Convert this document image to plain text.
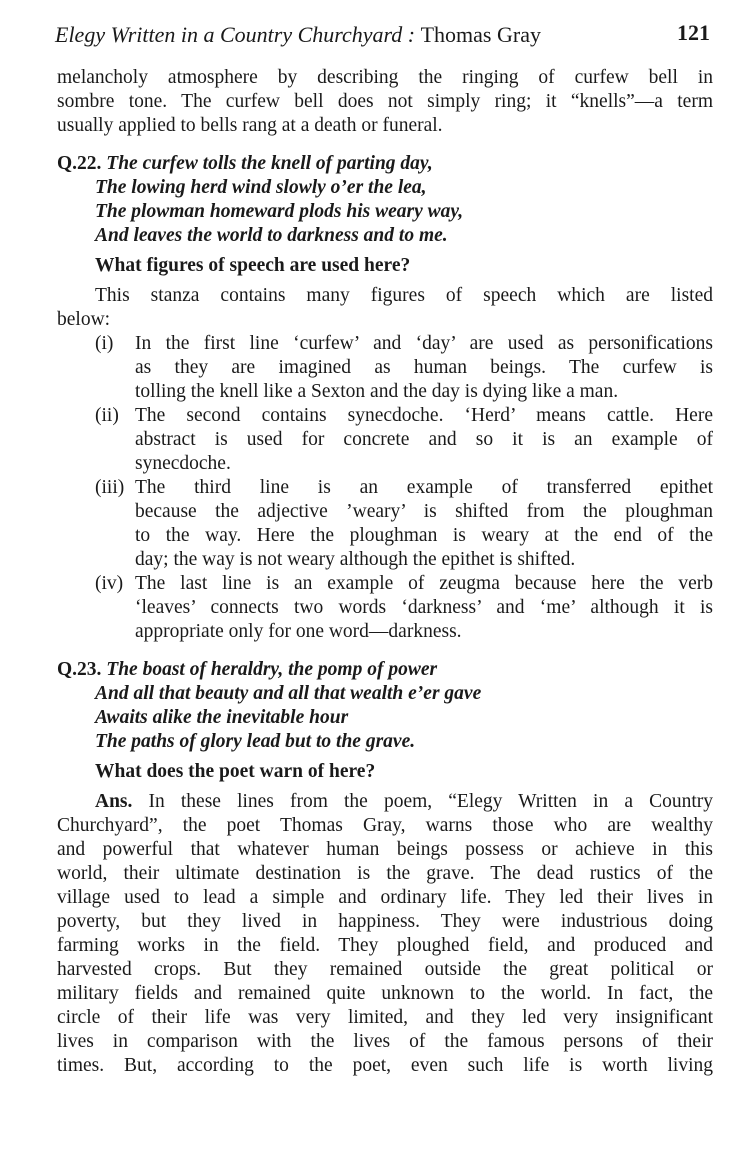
Elegy Written in a Country Churchyard : Thomas Gray	121

melancholy atmosphere by describing the ringing of curfew bell in

sombre tone. The curfew bell does not simply ring; it “knells”—a term

usually applied to bells rang at a death or funeral.

Q.22. The curfew tolls the knell of parting day,

The lowing herd wind slowly o’er the lea,

The plowman homeward plods his weary way,

And leaves the world to darkness and to me.

What figures of speech are used here?

This stanza contains many figures of speech which are listed

below:

(i) In the first line ‘curfew’ and ‘day’ are used as personifications

as they are imagined as human beings. The curfew is

tolling the knell like a Sexton and the day is dying like a man.

(ii) The second contains synecdoche. ‘Herd’ means cattle. Here

abstract is used for concrete and so it is an example of

synecdoche.

(iii) The third line is an example of transferred epithet

because the adjective ’weary’ is shifted from the ploughman

to the way. Here the ploughman is weary at the end of the

day; the way is not weary although the epithet is shifted.

(iv) The last line is an example of zeugma because here the verb

‘leaves’ connects two words ‘darkness’ and ‘me’ although it is

appropriate only for one word—darkness.

Q.23. The boast of heraldry, the pomp of power

And all that beauty and all that wealth e’er gave

Awaits alike the inevitable hour

The paths of glory lead but to the grave.

What does the poet warn of here?

Ans. In these lines from the poem, “Elegy Written in a Country

Churchyard”, the poet Thomas Gray, warns those who are wealthy

and powerful that whatever human beings possess or achieve in this

world, their ultimate destination is the grave. The dead rustics of the

village used to lead a simple and ordinary life. They led their lives in

poverty, but they lived in happiness. They were industrious doing

farming works in the field. They ploughed field, and produced and

harvested crops. But they remained outside the great political or

military fields and remained quite unknown to the world. In fact, the

circle of their life was very limited, and they led very insignificant

lives in comparison with the lives of the famous persons of their

times. But, according to the poet, even such life is worth living
